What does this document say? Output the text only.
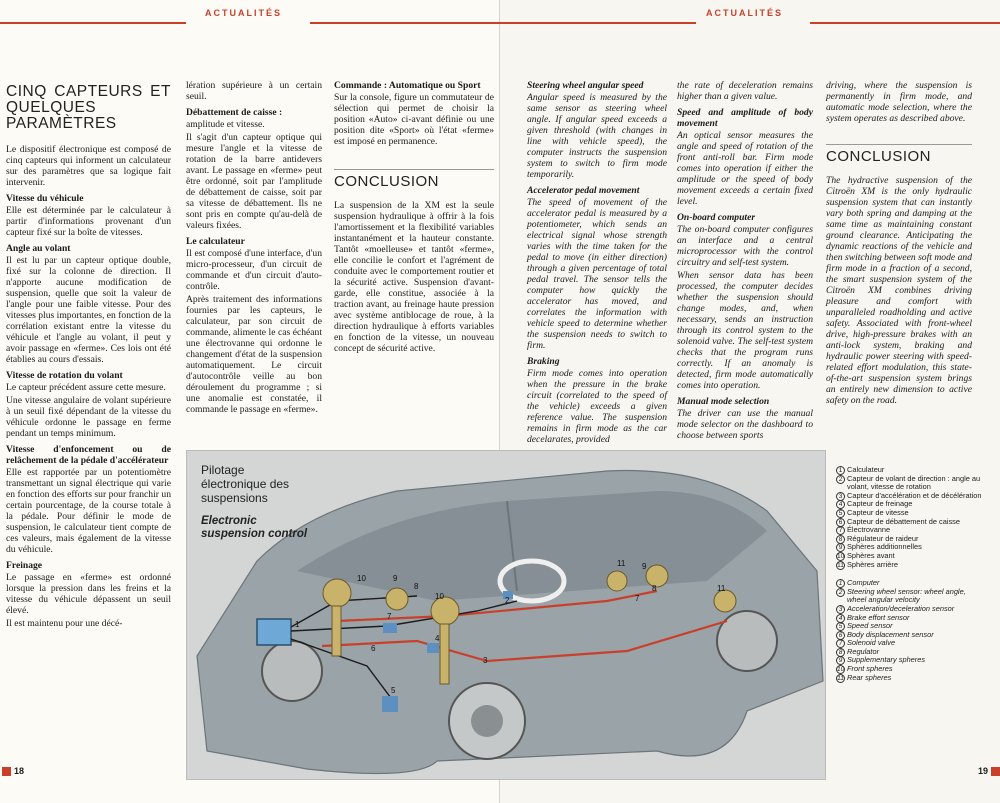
ACTUALITÉS
CINQ CAPTEURS ET QUELQUES PARAMÈTRES

Le dispositif électronique est composé de cinq capteurs qui informent un calculateur sur des paramètres que sa logique fait intervenir.

Vitesse du véhicule

Elle est déterminée par le calculateur à partir d'informations provenant d'un capteur fixé sur la boîte de vitesses.

Angle au volant

Il est lu par un capteur optique double, fixé sur la colonne de direction. Il n'apporte aucune modification de suspension, quelle que soit la valeur de l'angle pour une faible vitesse. Pour des vitesses plus importantes, en fonction de la corrélation existant entre la vitesse du véhicule et l'angle au volant, il peut y avoir passage en «ferme». Ces lois ont été établies au cours d'essais.

Vitesse de rotation du volant

Le capteur précédent assure cette mesure.

Une vitesse angulaire de volant supérieure à un seuil fixé dépendant de la vitesse du véhicule ordonne le passage en ferme pendant un temps minimum.

Vitesse d'enfoncement ou de relâchement de la pédale d'accélérateur

Elle est rapportée par un potentiomètre transmettant un signal électrique qui varie en fonction des efforts sur pour franchir un certain pourcentage, de la course totale à la pédale. Pour définir le mode de suspension, le calculateur tient compte de ces valeurs, mais également de la vitesse du véhicule.

Freinage

Le passage en «ferme» est ordonné lorsque la pression dans les freins et la vitesse du véhicule dépassent un seuil élevé.

Il est maintenu pour une décé-

lération supérieure à un certain seuil.

Débattement de caisse :

amplitude et vitesse.

Il s'agit d'un capteur optique qui mesure l'angle et la vitesse de rotation de la barre antidevers avant. Le passage en «ferme» peut être ordonné, soit par l'amplitude de débattement de caisse, soit par sa vitesse de débattement. Ils ne sont pris en compte qu'au-delà de valeurs fixées.

Le calculateur

Il est composé d'une interface, d'un micro-processeur, d'un circuit de commande et d'un circuit d'auto-contrôle.

Après traitement des informations fournies par les capteurs, le calculateur, par son circuit de commande, alimente le cas échéant une électrovanne qui ordonne le changement d'état de la suspension automatiquement. Le circuit d'autocontrôle veille au bon déroulement du programme ; si une anomalie est constatée, il commande le passage en «ferme».

Commande : Automatique ou Sport

Sur la console, figure un commutateur de sélection qui permet de choisir la position «Auto» ci-avant définie ou une position dite «Sport» où l'état «ferme» est imposé en permanence.

CONCLUSION

La suspension de la XM est la seule suspension hydraulique à offrir à la fois l'amortissement et la flexibilité variables instantanément et la hauteur constante. Tantôt «moelleuse» et tantôt «ferme», elle concilie le confort et l'agrément de conduite avec le comportement routier et la sécurité active. Suspension d'avant-garde, elle constitue, associée à la traction avant, au freinage haute pression avec système antiblocage de roue, à la direction hydraulique à efforts variables en fonction de la vitesse, un nouveau concept de sécurité active.

18
ACTUALITÉS
Steering wheel angular speed

Angular speed is measured by the same sensor as steering wheel angle. If angular speed exceeds a given threshold (with changes in line with vehicle speed), the computer instructs the suspension system to switch to firm mode temporarily.

Accelerator pedal movement

The speed of movement of the accelerator pedal is measured by a potentiometer, which sends an electrical signal whose strength varies with the time taken for the pedal to move (in either direction) through a given percentage of total pedal travel. The sensor tells the computer how quickly the accelerator has moved, and correlates the information with vehicle speed to determine whether the suspension needs to switch to firm.

Braking

Firm mode comes into operation when the pressure in the brake circuit (correlated to the speed of the vehicle) exceeds a given reference value. The suspension remains in firm mode as the car decelarates, provided

the rate of deceleration remains higher than a given value.

Speed and amplitude of body movement

An optical sensor measures the angle and speed of rotation of the front anti-roll bar. Firm mode comes into operation if either the amplitude or the speed of body movement exceeds a certain fixed level.

On-board computer

The on-board computer configures an interface and a central microprocessor with the control circuitry and self-test system.

When sensor data has been processed, the computer decides whether the suspension should change modes, and, when necessary, sends an instruction through its control system to the solenoid valve. The self-test system checks that the program runs correctly. If an anomaly is detected, firm mode automatically comes into operation.

Manual mode selection

The driver can use the manual mode selector on the dashboard to choose between sports

driving, where the suspension is permanently in firm mode, and automatic mode selection, where the system operates as described above.

CONCLUSION

The hydractive suspension of the Citroën XM is the only hydraulic suspension system that can instantly vary both spring and damping at the same time as maintaining constant ground clearance. Anticipating the dynamic reactions of the vehicle and then switching between soft mode and firm mode in a fraction of a second, the smart suspension system of the Citroën XM combines driving pleasure and comfort with unparalleled roadholding and active safety. Associated with front-wheel drive, high-pressure brakes with an anti-lock system, braking and hydraulic power steering with speed-related effort modulation, this state-of-the-art suspension system brings an entirely new dimension to active safety on the road.

19
1
2
3
4
5
6
7
8
9
10
10
11
11
9
8
7
Pilotage électronique des suspensions
Electronic suspension control
1 Calculateur
2 Capteur de volant de direction : angle au volant, vitesse de rotation
3 Capteur d'accélération et de décélération
4 Capteur de freinage
5 Capteur de vitesse
6 Capteur de débattement de caisse
7 Électrovanne
8 Régulateur de raideur
9 Sphères additionnelles
10 Sphères avant
11 Sphères arrière
1 Computer
2 Steering wheel sensor: wheel angle, wheel angular velocity
3 Acceleration/deceleration sensor
4 Brake effort sensor
5 Speed sensor
6 Body displacement sensor
7 Solenoid valve
8 Regulator
9 Supplementary spheres
10 Front spheres
11 Rear spheres
